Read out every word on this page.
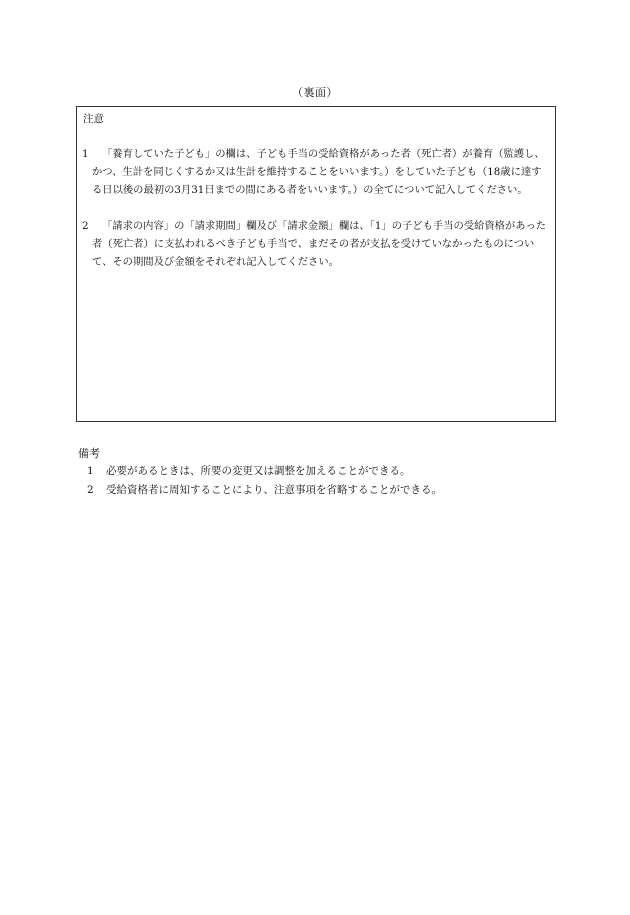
（裏面）
注意
1	「養育していた子ども」の欄は、子ども手当の受給資格があった者（死亡者）が養育（監護し、かつ、生計を同じくするか又は生計を維持することをいいます。）をしていた子ども（18歳に達する日以後の最初の3月31日までの間にある者をいいます。）の全てについて記入してください。
2	「請求の内容」の「請求期間」欄及び「請求金額」欄は、「1」の子ども手当の受給資格があった者（死亡者）に支払われるべき子ども手当で、まだその者が支払を受けていなかったものについて、その期間及び金額をそれぞれ記入してください。
備考
1 必要があるときは、所要の変更又は調整を加えることができる。
2 受給資格者に周知することにより、注意事項を省略することができる。
